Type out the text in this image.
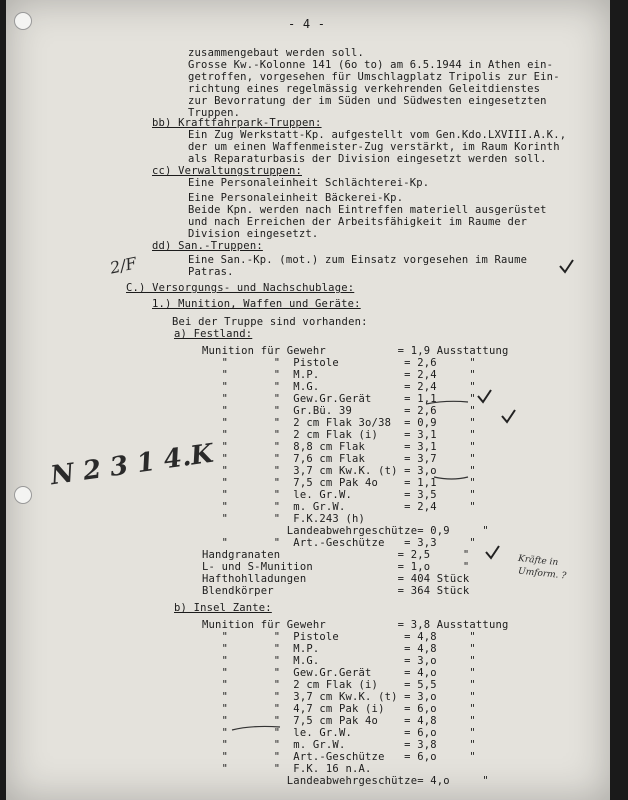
- 4 -
zusammengebaut werden soll.
Grosse Kw.-Kolonne 141 (6o to) am 6.5.1944 in Athen ein-
getroffen, vorgesehen für Umschlagplatz Tripolis zur Ein-
richtung eines regelmässig verkehrenden Geleitdienstes
zur Bevorratung der im Süden und Südwesten eingesetzten
Truppen.
bb) Kraftfahrpark-Truppen:
Ein Zug Werkstatt-Kp. aufgestellt vom Gen.Kdo.LXVIII.A.K.,
der um einen Waffenmeister-Zug verstärkt, im Raum Korinth
als Reparaturbasis der Division eingesetzt werden soll.
cc) Verwaltungstruppen:
Eine Personaleinheit Schlächterei-Kp.
Eine Personaleinheit Bäckerei-Kp.
Beide Kpn. werden nach Eintreffen materiell ausgerüstet
und nach Erreichen der Arbeitsfähigkeit im Raume der
Division eingesetzt.
dd) San.-Truppen:
Eine San.-Kp. (mot.) zum Einsatz vorgesehen im Raume
Patras.
C.) Versorgungs- und Nachschublage:
1.) Munition, Waffen und Geräte:
Bei der Truppe sind vorhanden:
a) Festland:
Munition für Gewehr           = 1,9 Ausstattung
"       "  Pistole          = 2,6     "
"       "  M.P.             = 2,4     "
"       "  M.G.             = 2,4     "
"       "  Gew.Gr.Gerät     = 1,1     "
"       "  Gr.Bü. 39        = 2,6     "
"       "  2 cm Flak 3o/38  = 0,9     "
"       "  2 cm Flak (i)    = 3,1     "
"       "  8,8 cm Flak      = 3,1     "
"       "  7,6 cm Flak      = 3,7     "
"       "  3,7 cm Kw.K. (t) = 3,o     "
"       "  7,5 cm Pak 4o    = 1,1     "
"       "  le. Gr.W.        = 3,5     "
"       "  m. Gr.W.         = 2,4     "
"       "  F.K.243 (h)
Landeabwehrgeschütze= 0,9     "
"       "  Art.-Geschütze   = 3,3     "
Handgranaten                  = 2,5     "
L- und S-Munition             = 1,o     "
Hafthohlladungen              = 404 Stück
Blendkörper                   = 364 Stück
b) Insel Zante:
Munition für Gewehr           = 3,8 Ausstattung
"       "  Pistole          = 4,8     "
"       "  M.P.             = 4,8     "
"       "  M.G.             = 3,o     "
"       "  Gew.Gr.Gerät     = 4,o     "
"       "  2 cm Flak (i)    = 5,5     "
"       "  3,7 cm Kw.K. (t) = 3,o     "
"       "  4,7 cm Pak (i)   = 6,o     "
"       "  7,5 cm Pak 4o    = 4,8     "
"       "  le. Gr.W.        = 6,o     "
"       "  m. Gr.W.         = 3,8     "
"       "  Art.-Geschütze   = 6,o     "
"       "  F.K. 16 n.A.
Landeabwehrgeschütze= 4,o     "
2/F
N 2 3 1 4.K
Kräfte in
Umform. ?
